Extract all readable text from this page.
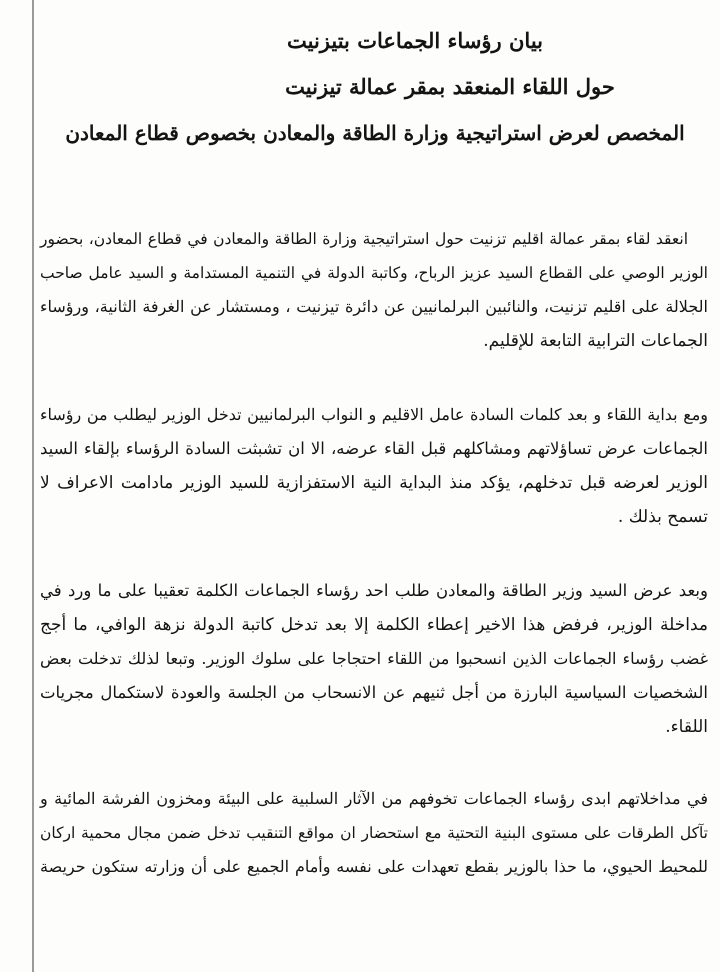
بيان رؤساء الجماعات بتيزنيت

حول اللقاء المنعقد بمقر عمالة تيزنيت

المخصص لعرض استراتيجية وزارة الطاقة والمعادن بخصوص قطاع المعادن

انعقد لقاء بمقر عمالة اقليم تزنيت حول استراتيجية وزارة الطاقة والمعادن في قطاع المعادن، بحضور
الوزير الوصي على القطاع السيد عزيز الرباح، وكاتبة الدولة في التنمية المستدامة و السيد عامل صاحب
الجلالة على اقليم تزنيت، والنائبين البرلمانيين عن دائرة تيزنيت ، ومستشار عن الغرفة الثانية، ورؤساء
الجماعات الترابية التابعة للإقليم.

ومع بداية اللقاء و بعد كلمات السادة عامل الاقليم و النواب البرلمانيين تدخل الوزير ليطلب من رؤساء
الجماعات عرض تساؤلاتهم ومشاكلهم قبل القاء عرضه، الا ان تشبثت السادة الرؤساء بإلقاء السيد
الوزير لعرضه قبل تدخلهم، يؤكد منذ البداية النية الاستفزازية للسيد الوزير مادامت الاعراف لا
تسمح بذلك .

وبعد عرض السيد وزير الطاقة والمعادن طلب احد رؤساء الجماعات الكلمة تعقيبا على ما ورد في
مداخلة الوزير، فرفض هذا الاخير إعطاء الكلمة إلا بعد تدخل كاتبة الدولة نزهة الوافي، ما أجج
غضب رؤساء الجماعات الذين انسحبوا من اللقاء احتجاجا على سلوك الوزير. وتبعا لذلك تدخلت بعض
الشخصيات السياسية البارزة من أجل ثنيهم عن الانسحاب من الجلسة والعودة لاستكمال مجريات
اللقاء.

في مداخلاتهم ابدى رؤساء الجماعات تخوفهم من الآثار السلبية على البيئة ومخزون الفرشة المائية و
تآكل الطرقات على مستوى البنية التحتية مع استحضار ان مواقع التنقيب تدخل ضمن مجال محمية اركان
للمحيط الحيوي، ما حذا بالوزير بقطع تعهدات على نفسه وأمام الجميع على أن وزارته ستكون حريصة
